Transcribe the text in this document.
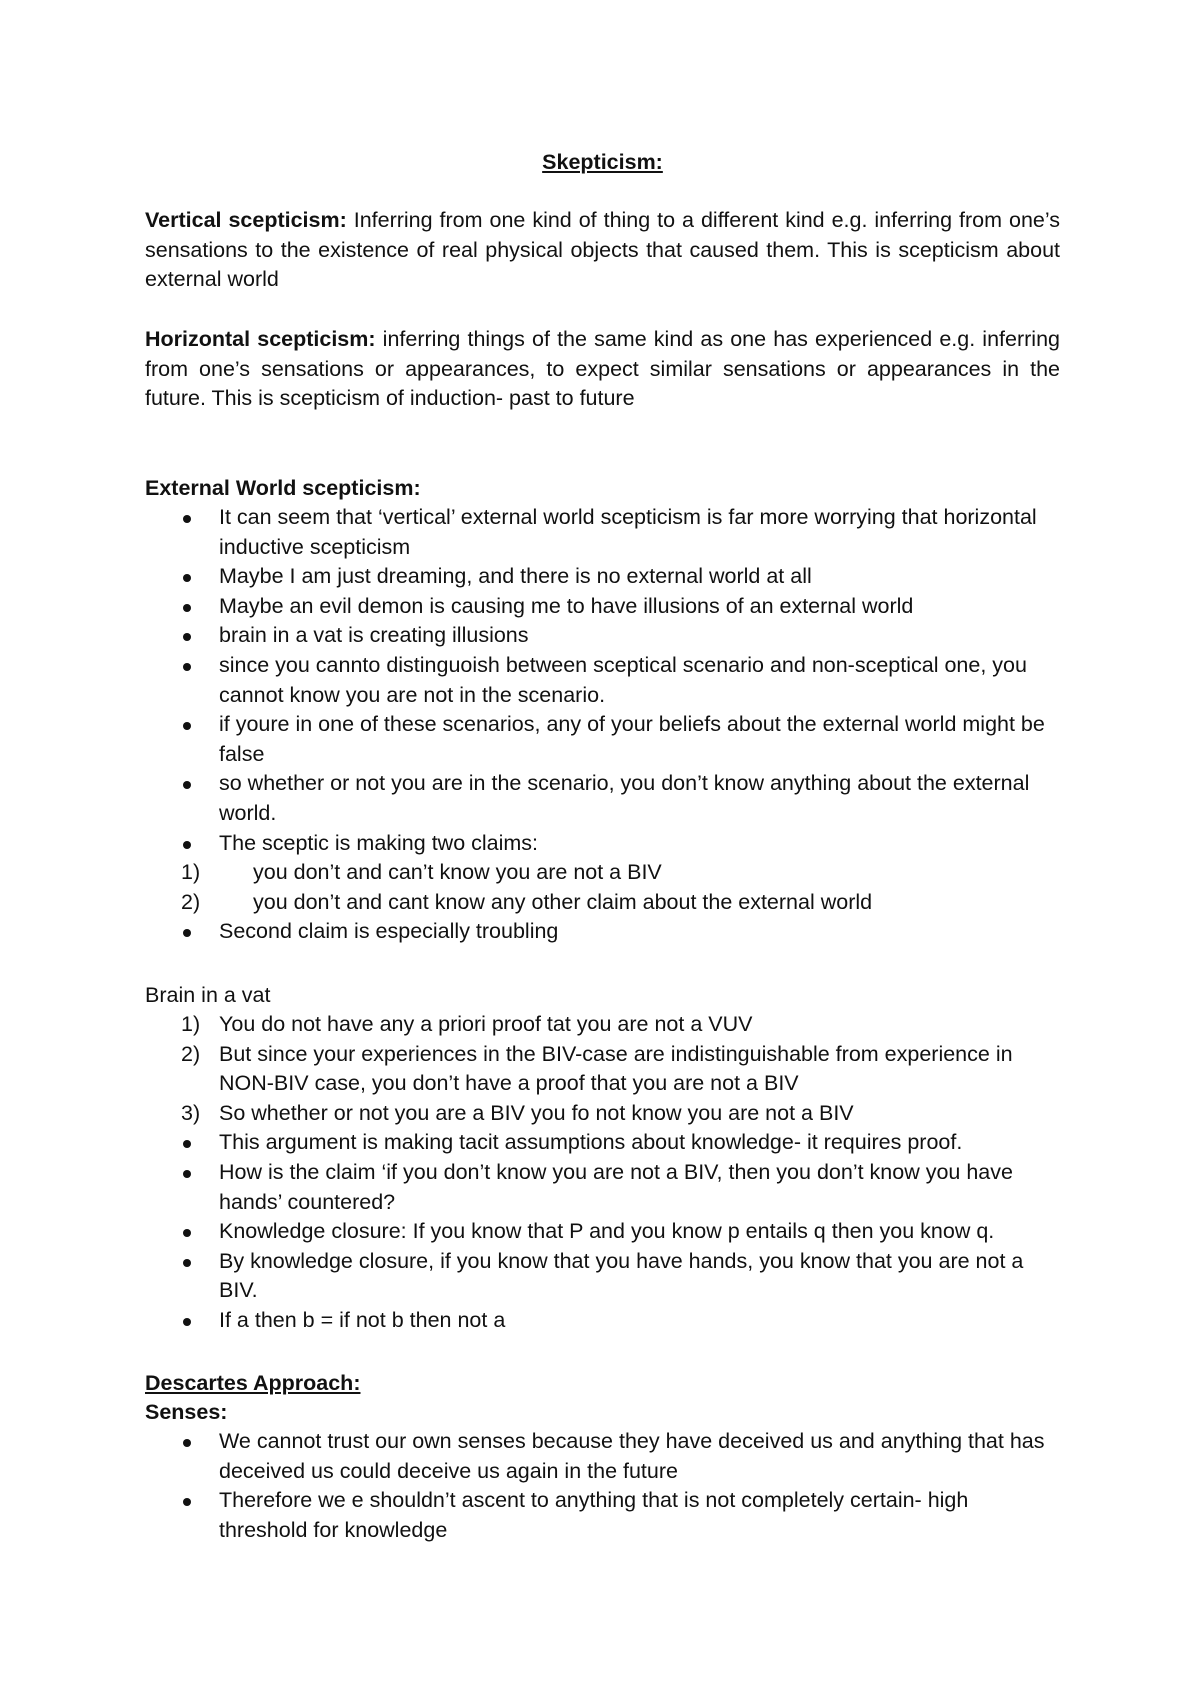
Skepticism:

Vertical scepticism: Inferring from one kind of thing to a different kind e.g. inferring from one’s sensations to the existence of real physical objects that caused them. This is scepticism about external world

Horizontal scepticism: inferring things of the same kind as one has experienced e.g. inferring from one’s sensations or appearances, to expect similar sensations or appearances in the future. This is scepticism of induction- past to future

External World scepticism:

It can seem that ‘vertical’ external world scepticism is far more worrying that horizontal inductive scepticism
Maybe I am just dreaming, and there is no external world at all
Maybe an evil demon is causing me to have illusions of an external world
brain in a vat is creating illusions
since you cannto distinguoish between sceptical scenario and non-sceptical one, you cannot know you are not in the scenario.
if youre in one of these scenarios, any of your beliefs about the external world might be false
so whether or not you are in the scenario, you don’t know anything about the external world.
The sceptic is making two claims:
1) you don’t and can’t know you are not a BIV
2) you don’t and cant know any other claim about the external world
Second claim is especially troubling

Brain in a vat

1) You do not have any a priori proof tat you are not a VUV
2) But since your experiences in the BIV-case are indistinguishable from experience in NON-BIV case, you don’t have a proof that you are not a BIV
3) So whether or not you are a BIV you fo not know you are not a BIV
This argument is making tacit assumptions about knowledge- it requires proof.
How is the claim ‘if you don’t know you are not a BIV, then you don’t know you have hands’ countered?
Knowledge closure: If you know that P and you know p entails q then you know q.
By knowledge closure, if you know that you have hands, you know that you are not a BIV.
If a then b = if not b then not a

Descartes Approach:

Senses:

We cannot trust our own senses because they have deceived us and anything that has deceived us could deceive us again in the future
Therefore we e shouldn’t ascent to anything that is not completely certain- high threshold for knowledge
